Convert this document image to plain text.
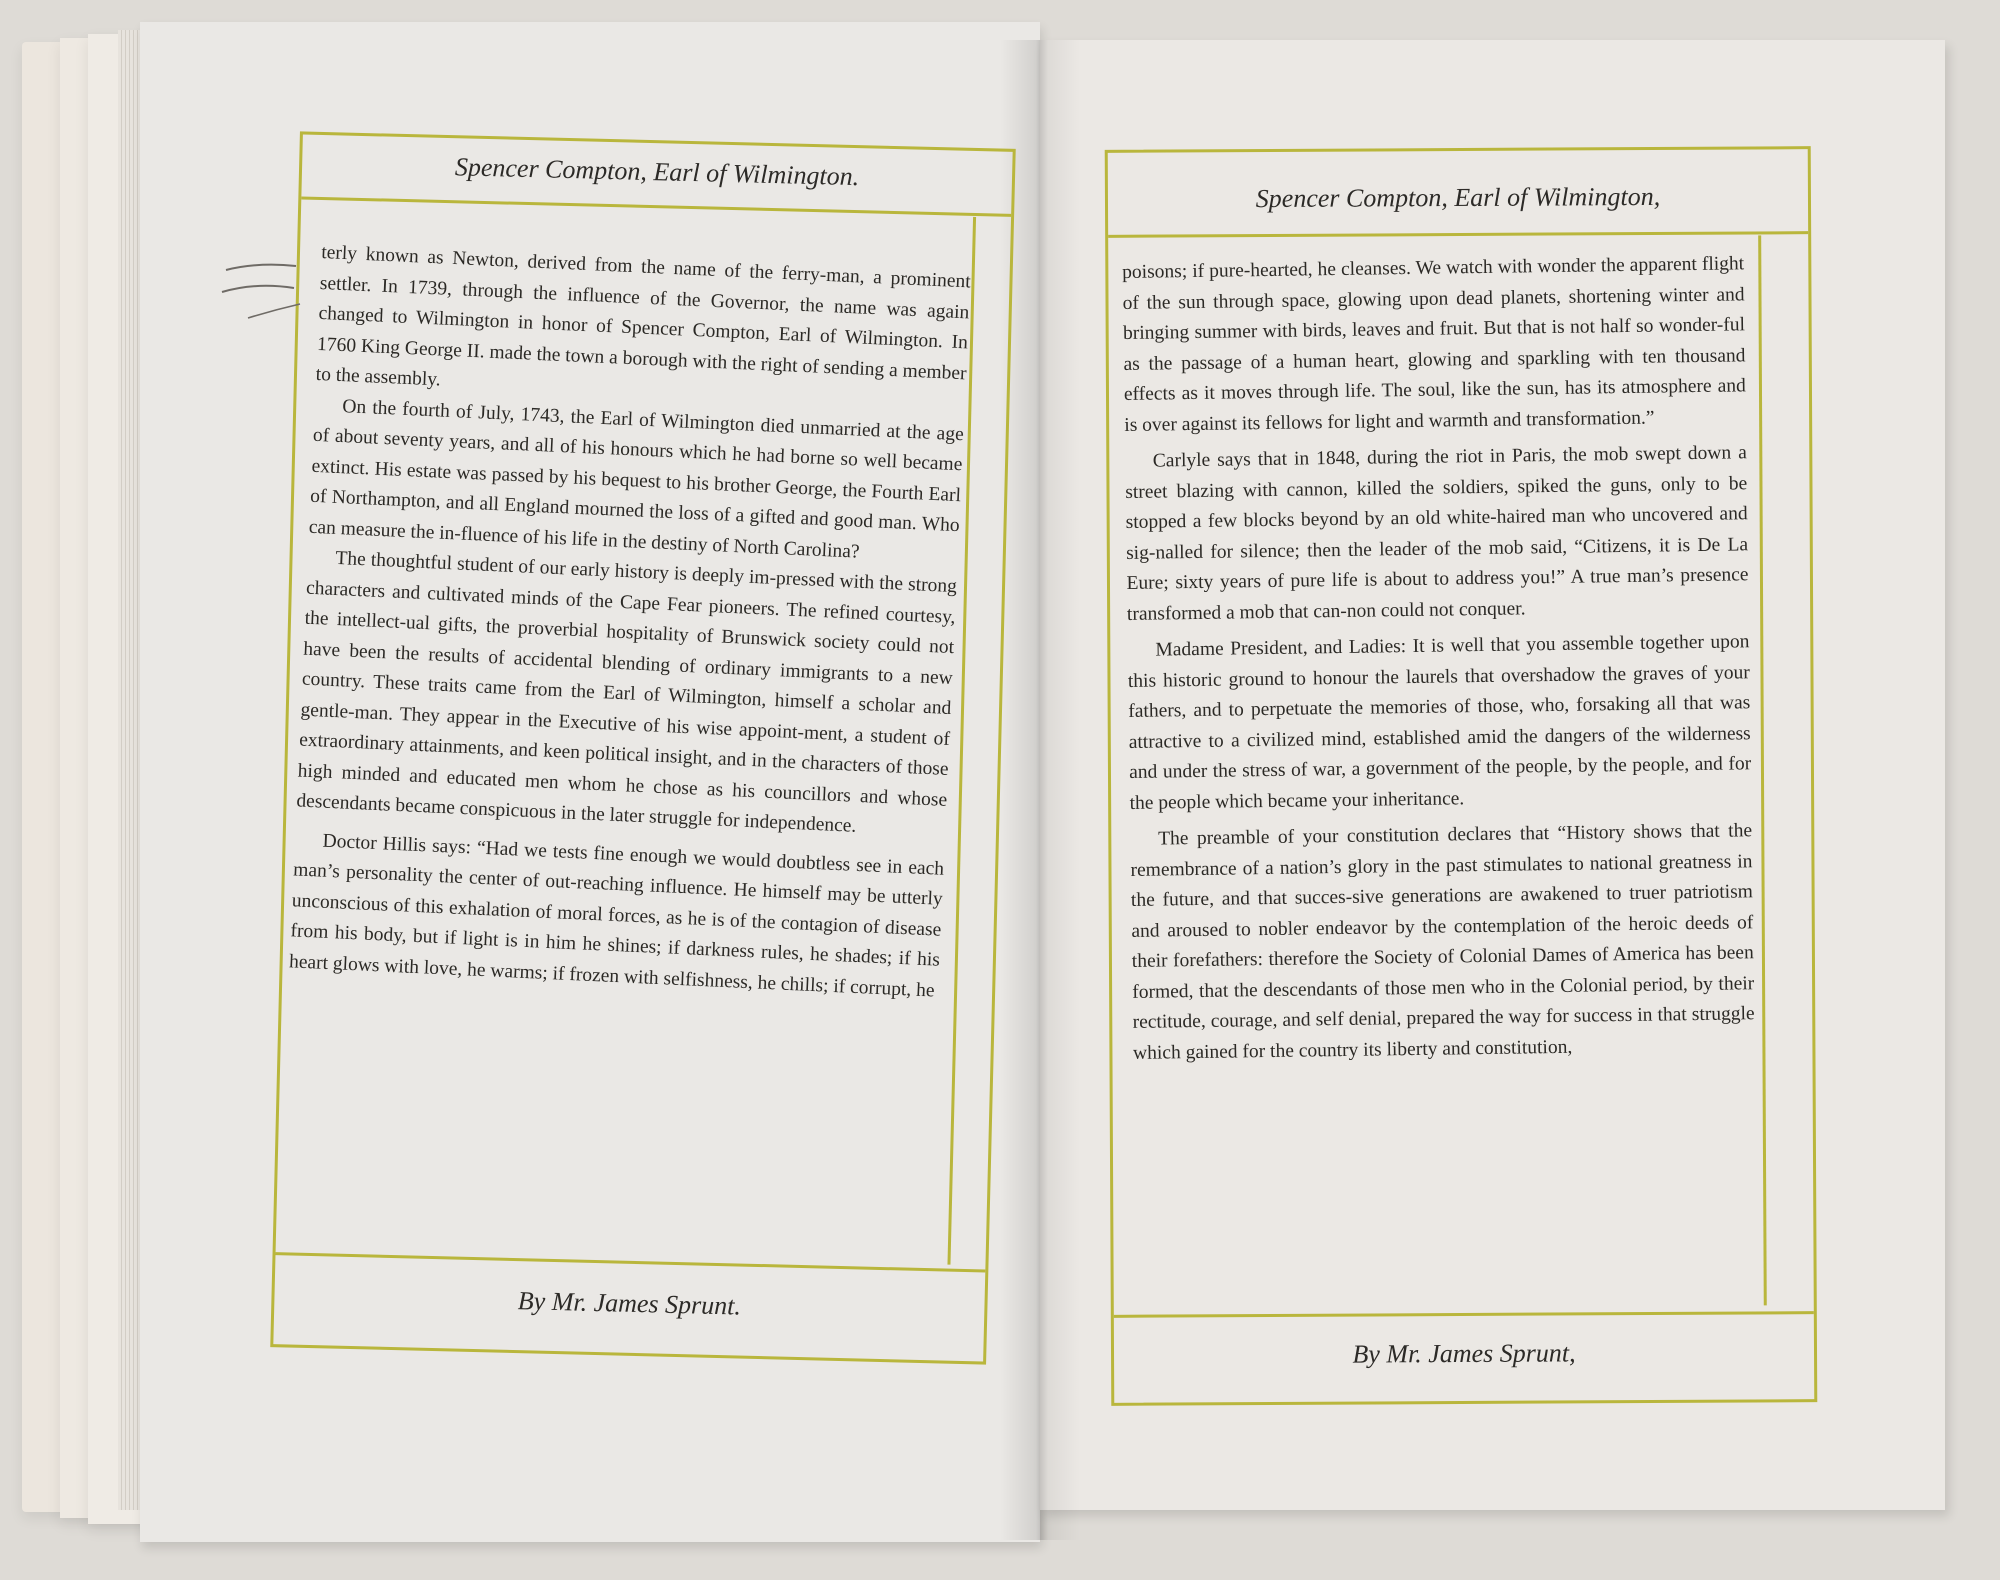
Spencer Compton, Earl of Wilmington.
By Mr. James Sprunt.

terly known as Newton, derived from the name of the ferry-man, a prominent settler. In 1739, through the influence of the Governor, the name was again changed to Wilmington in honor of Spencer Compton, Earl of Wilmington. In 1760 King George II. made the town a borough with the right of sending a member to the assembly.

On the fourth of July, 1743, the Earl of Wilmington died unmarried at the age of about seventy years, and all of his honours which he had borne so well became extinct. His estate was passed by his bequest to his brother George, the Fourth Earl of Northampton, and all England mourned the loss of a gifted and good man. Who can measure the in-fluence of his life in the destiny of North Carolina?

The thoughtful student of our early history is deeply im-pressed with the strong characters and cultivated minds of the Cape Fear pioneers. The refined courtesy, the intellect-ual gifts, the proverbial hospitality of Brunswick society could not have been the results of accidental blending of ordinary immigrants to a new country. These traits came from the Earl of Wilmington, himself a scholar and gentle-man. They appear in the Executive of his wise appoint-ment, a student of extraordinary attainments, and keen political insight, and in the characters of those high minded and educated men whom he chose as his councillors and whose descendants became conspicuous in the later struggle for independence.

Doctor Hillis says: “Had we tests fine enough we would doubtless see in each man’s personality the center of out-reaching influence. He himself may be utterly unconscious of this exhalation of moral forces, as he is of the contagion of disease from his body, but if light is in him he shines; if darkness rules, he shades; if his heart glows with love, he warms; if frozen with selfishness, he chills; if corrupt, he

Spencer Compton, Earl of Wilmington,
By Mr. James Sprunt,

poisons; if pure-hearted, he cleanses. We watch with wonder the apparent flight of the sun through space, glowing upon dead planets, shortening winter and bringing summer with birds, leaves and fruit. But that is not half so wonder-ful as the passage of a human heart, glowing and sparkling with ten thousand effects as it moves through life. The soul, like the sun, has its atmosphere and is over against its fellows for light and warmth and transformation.”

Carlyle says that in 1848, during the riot in Paris, the mob swept down a street blazing with cannon, killed the soldiers, spiked the guns, only to be stopped a few blocks beyond by an old white-haired man who uncovered and sig-nalled for silence; then the leader of the mob said, “Citizens, it is De La Eure; sixty years of pure life is about to address you!” A true man’s presence transformed a mob that can-non could not conquer.

Madame President, and Ladies: It is well that you assemble together upon this historic ground to honour the laurels that overshadow the graves of your fathers, and to perpetuate the memories of those, who, forsaking all that was attractive to a civilized mind, established amid the dangers of the wilderness and under the stress of war, a government of the people, by the people, and for the people which became your inheritance.

The preamble of your constitution declares that “History shows that the remembrance of a nation’s glory in the past stimulates to national greatness in the future, and that succes-sive generations are awakened to truer patriotism and aroused to nobler endeavor by the contemplation of the heroic deeds of their forefathers: therefore the Society of Colonial Dames of America has been formed, that the descendants of those men who in the Colonial period, by their rectitude, courage, and self denial, prepared the way for success in that struggle which gained for the country its liberty and constitution,
